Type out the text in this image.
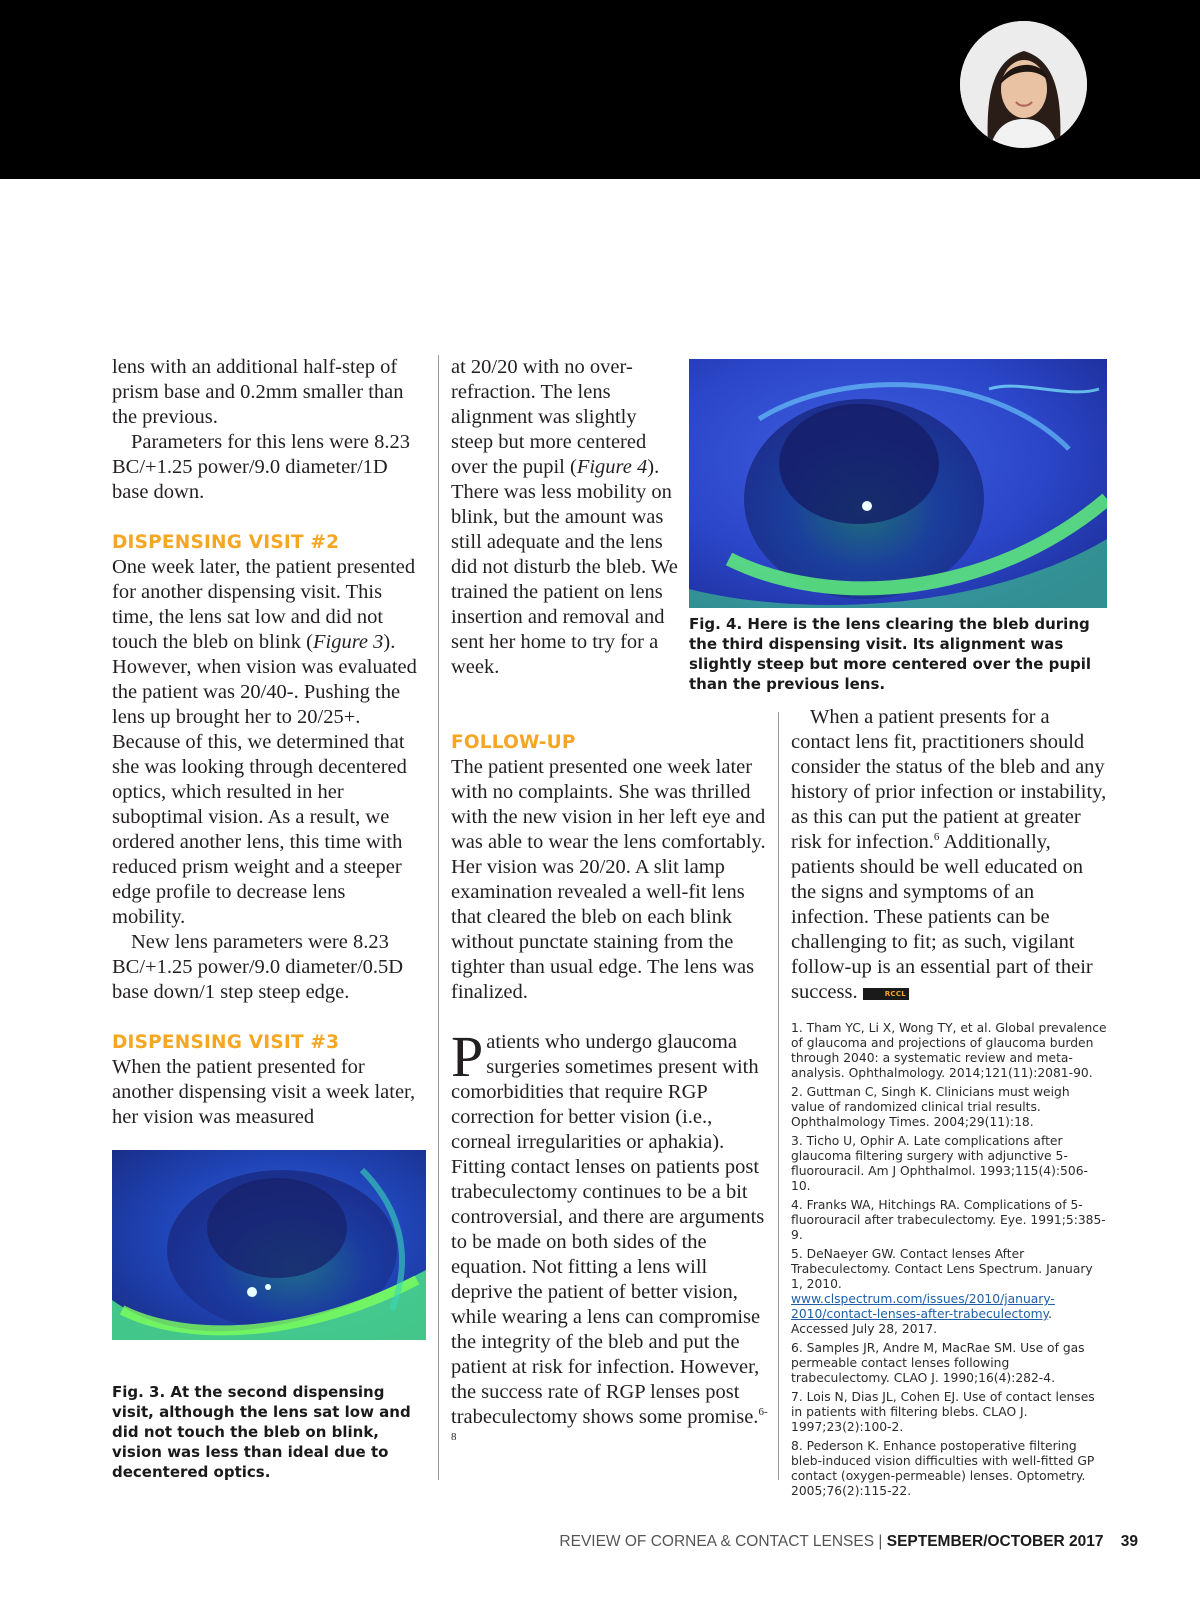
lens with an additional half-step of prism base and 0.2mm smaller than the previous.

Parameters for this lens were 8.23 BC/+1.25 power/9.0 diameter/1D base down.

DISPENSING VISIT #2

One week later, the patient presented for another dispensing visit. This time, the lens sat low and did not touch the bleb on blink (Figure 3). However, when vision was evaluated the patient was 20/40-. Pushing the lens up brought her to 20/25+. Because of this, we determined that she was looking through decentered optics, which resulted in her suboptimal vision. As a result, we ordered another lens, this time with reduced prism weight and a steeper edge profile to decrease lens mobility.

New lens parameters were 8.23 BC/+1.25 power/9.0 diameter/0.5D base down/1 step steep edge.

DISPENSING VISIT #3

When the patient presented for another dispensing visit a week later, her vision was measured

Fig. 3. At the second dispensing visit, although the lens sat low and did not touch the bleb on blink, vision was less than ideal due to decentered optics.

at 20/20 with no over-refraction. The lens alignment was slightly steep but more centered over the pupil (Figure 4). There was less mobility on blink, but the amount was still adequate and the lens did not disturb the bleb. We trained the patient on lens insertion and removal and sent her home to try for a week.

FOLLOW-UP

The patient presented one week later with no complaints. She was thrilled with the new vision in her left eye and was able to wear the lens comfortably. Her vision was 20/20. A slit lamp examination revealed a well-fit lens that cleared the bleb on each blink without punctate staining from the tighter than usual edge. The lens was finalized.

Patients who undergo glaucoma surgeries sometimes present with comorbidities that require RGP correction for better vision (i.e., corneal irregularities or aphakia). Fitting contact lenses on patients post trabeculectomy continues to be a bit controversial, and there are arguments to be made on both sides of the equation. Not fitting a lens will deprive the patient of better vision, while wearing a lens can compromise the integrity of the bleb and put the patient at risk for infection. However, the success rate of RGP lenses post trabeculectomy shows some promise.$^{6-8}$

Fig. 4. Here is the lens clearing the bleb during the third dispensing visit. Its alignment was slightly steep but more centered over the pupil than the previous lens.

When a patient presents for a contact lens fit, practitioners should consider the status of the bleb and any history of prior infection or instability, as this can put the patient at greater risk for infection.$^6$ Additionally, patients should be well educated on the signs and symptoms of an infection. These patients can be challenging to fit; as such, vigilant follow-up is an essential part of their success.	RCCL

1. Tham YC, Li X, Wong TY, et al. Global prevalence of glaucoma and projections of glaucoma burden through 2040: a systematic review and meta-analysis. Ophthalmology. 2014;121(11):2081-90.

2. Guttman C, Singh K. Clinicians must weigh value of randomized clinical trial results. Ophthalmology Times. 2004;29(11):18.

3. Ticho U, Ophir A. Late complications after glaucoma filtering surgery with adjunctive 5-fluorouracil. Am J Ophthalmol. 1993;115(4):506-10.

4. Franks WA, Hitchings RA. Complications of 5-fluorouracil after trabeculectomy. Eye. 1991;5:385-9.

5. DeNaeyer GW. Contact lenses After Trabeculectomy. Contact Lens Spectrum. January 1, 2010. www.clspectrum.com/issues/2010/january-2010/contact-lenses-after-trabeculectomy. Accessed July 28, 2017.

6. Samples JR, Andre M, MacRae SM. Use of gas permeable contact lenses following trabeculectomy. CLAO J. 1990;16(4):282-4.

7. Lois N, Dias JL, Cohen EJ. Use of contact lenses in patients with filtering blebs. CLAO J. 1997;23(2):100-2.

8. Pederson K. Enhance postoperative filtering bleb-induced vision difficulties with well-fitted GP contact (oxygen-permeable) lenses. Optometry. 2005;76(2):115-22.

REVIEW OF CORNEA & CONTACT LENSES | SEPTEMBER/OCTOBER 2017 39
